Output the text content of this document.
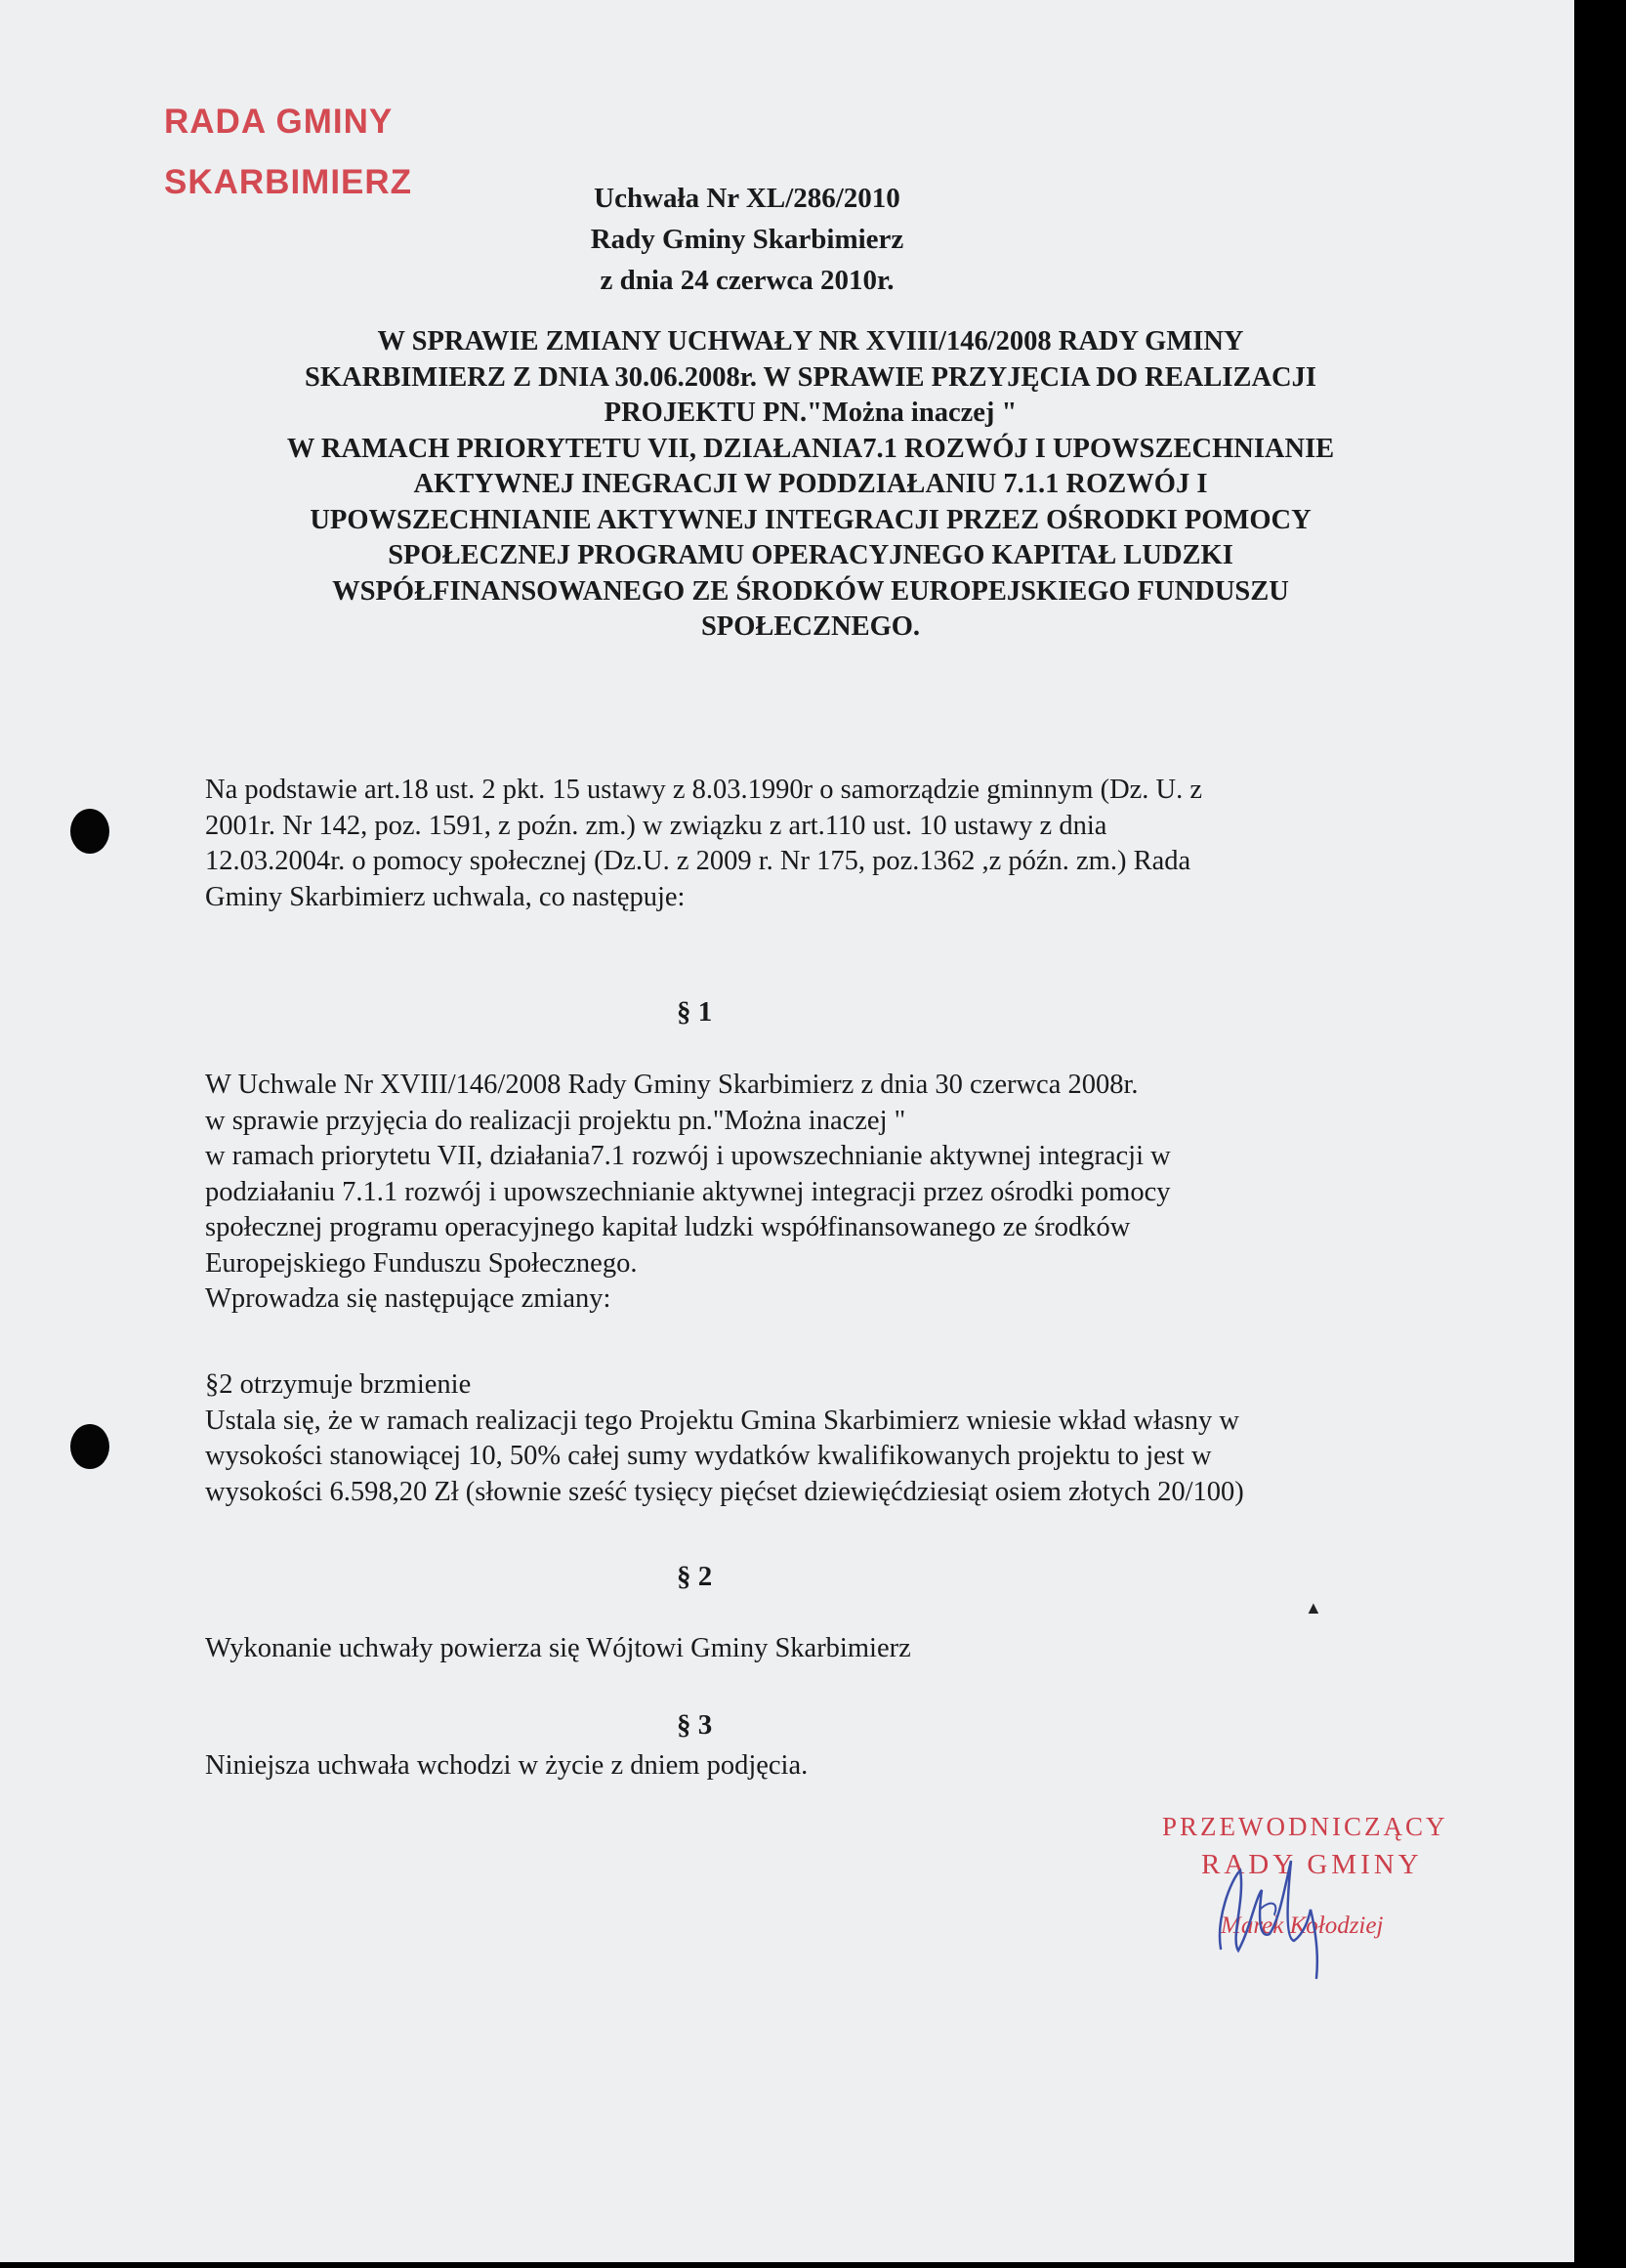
RADA GMINY
SKARBIMIERZ	Uchwała Nr XL/286/2010
Rady Gminy Skarbimierz
z dnia 24 czerwca 2010r.
W SPRAWIE ZMIANY UCHWAŁY NR XVIII/146/2008 RADY GMINY
SKARBIMIERZ Z DNIA 30.06.2008r. W SPRAWIE PRZYJĘCIA DO REALIZACJI
PROJEKTU PN."Można inaczej "
W RAMACH PRIORYTETU VII, DZIAŁANIA7.1 ROZWÓJ I UPOWSZECHNIANIE
AKTYWNEJ INEGRACJI W PODDZIAŁANIU 7.1.1 ROZWÓJ I
UPOWSZECHNIANIE AKTYWNEJ INTEGRACJI PRZEZ OŚRODKI POMOCY
SPOŁECZNEJ PROGRAMU OPERACYJNEGO KAPITAŁ LUDZKI
WSPÓŁFINANSOWANEGO ZE ŚRODKÓW EUROPEJSKIEGO FUNDUSZU
SPOŁECZNEGO.
Na podstawie art.18 ust. 2 pkt. 15 ustawy z 8.03.1990r o samorządzie gminnym (Dz. U. z
2001r. Nr 142, poz. 1591, z poźn. zm.) w związku z art.110 ust. 10 ustawy z dnia
12.03.2004r. o pomocy społecznej (Dz.U. z 2009 r. Nr 175, poz.1362 ,z późn. zm.) Rada
Gminy Skarbimierz uchwala, co następuje:
§ 1
W Uchwale Nr XVIII/146/2008 Rady Gminy Skarbimierz z dnia 30 czerwca 2008r.
w sprawie przyjęcia do realizacji projektu pn."Można inaczej "
w ramach priorytetu VII, działania7.1 rozwój i upowszechnianie aktywnej integracji w
podziałaniu 7.1.1 rozwój i upowszechnianie aktywnej integracji przez ośrodki pomocy
społecznej programu operacyjnego kapitał ludzki współfinansowanego ze środków
Europejskiego Funduszu Społecznego.
Wprowadza się następujące zmiany:
§2 otrzymuje brzmienie
Ustala się, że w ramach realizacji tego Projektu Gmina Skarbimierz wniesie wkład własny w
wysokości stanowiącej 10, 50% całej sumy wydatków kwalifikowanych projektu to jest w
wysokości 6.598,20 Zł (słownie sześć tysięcy pięćset dziewięćdziesiąt osiem złotych 20/100)
§ 2
Wykonanie uchwały powierza się Wójtowi Gminy Skarbimierz
§ 3
Niniejsza uchwała wchodzi w życie z dniem podjęcia.
▲
PRZEWODNICZĄCY
RADY GMINY
Marek Kołodziej
